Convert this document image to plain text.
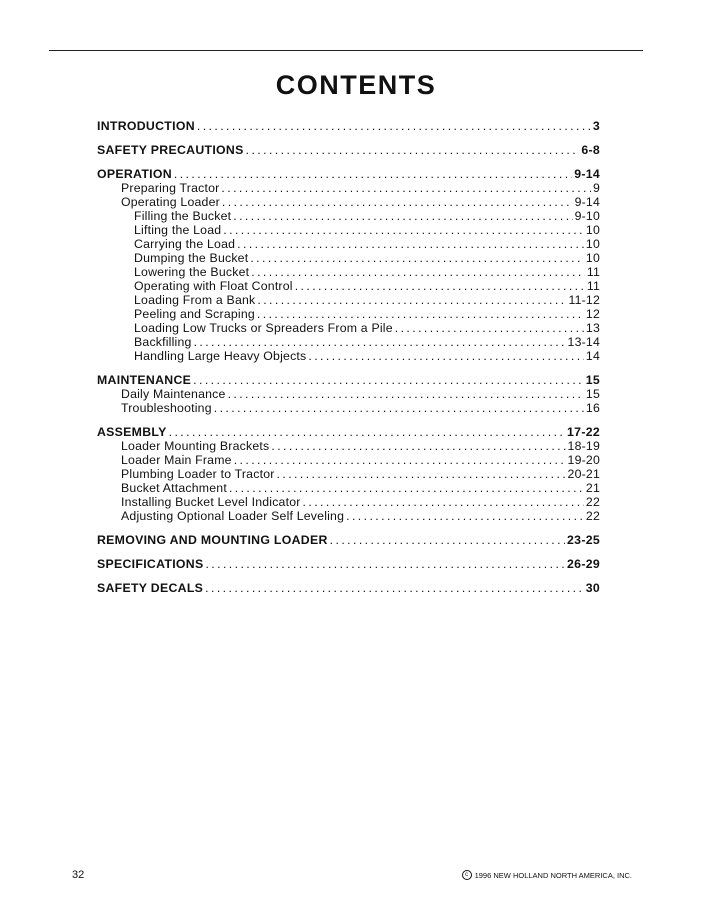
CONTENTS
INTRODUCTION . . .	3
SAFETY PRECAUTIONS . . .	6-8
OPERATION . . .	9-14
Preparing Tractor . . .	9
Operating Loader . . .	9-14
Filling the Bucket . . .	9-10
Lifting the Load . . .	10
Carrying the Load . . .	10
Dumping the Bucket . . .	10
Lowering the Bucket . . .	11
Operating with Float Control . . .	11
Loading From a Bank . . .	11-12
Peeling and Scraping . . .	12
Loading Low Trucks or Spreaders From a Pile . . .	13
Backfilling . . .	13-14
Handling Large Heavy Objects . . .	14
MAINTENANCE . . .	15
Daily Maintenance . . .	15
Troubleshooting . . .	16
ASSEMBLY . . .	17-22
Loader Mounting Brackets . . .	18-19
Loader Main Frame . . .	19-20
Plumbing Loader to Tractor . . .	20-21
Bucket Attachment . . .	21
Installing Bucket Level Indicator . . .	22
Adjusting Optional Loader Self Leveling . . .	22
REMOVING AND MOUNTING LOADER . . .	23-25
SPECIFICATIONS . . .	26-29
SAFETY DECALS . . .	30
32	c 1996 NEW HOLLAND NORTH AMERICA, INC.
